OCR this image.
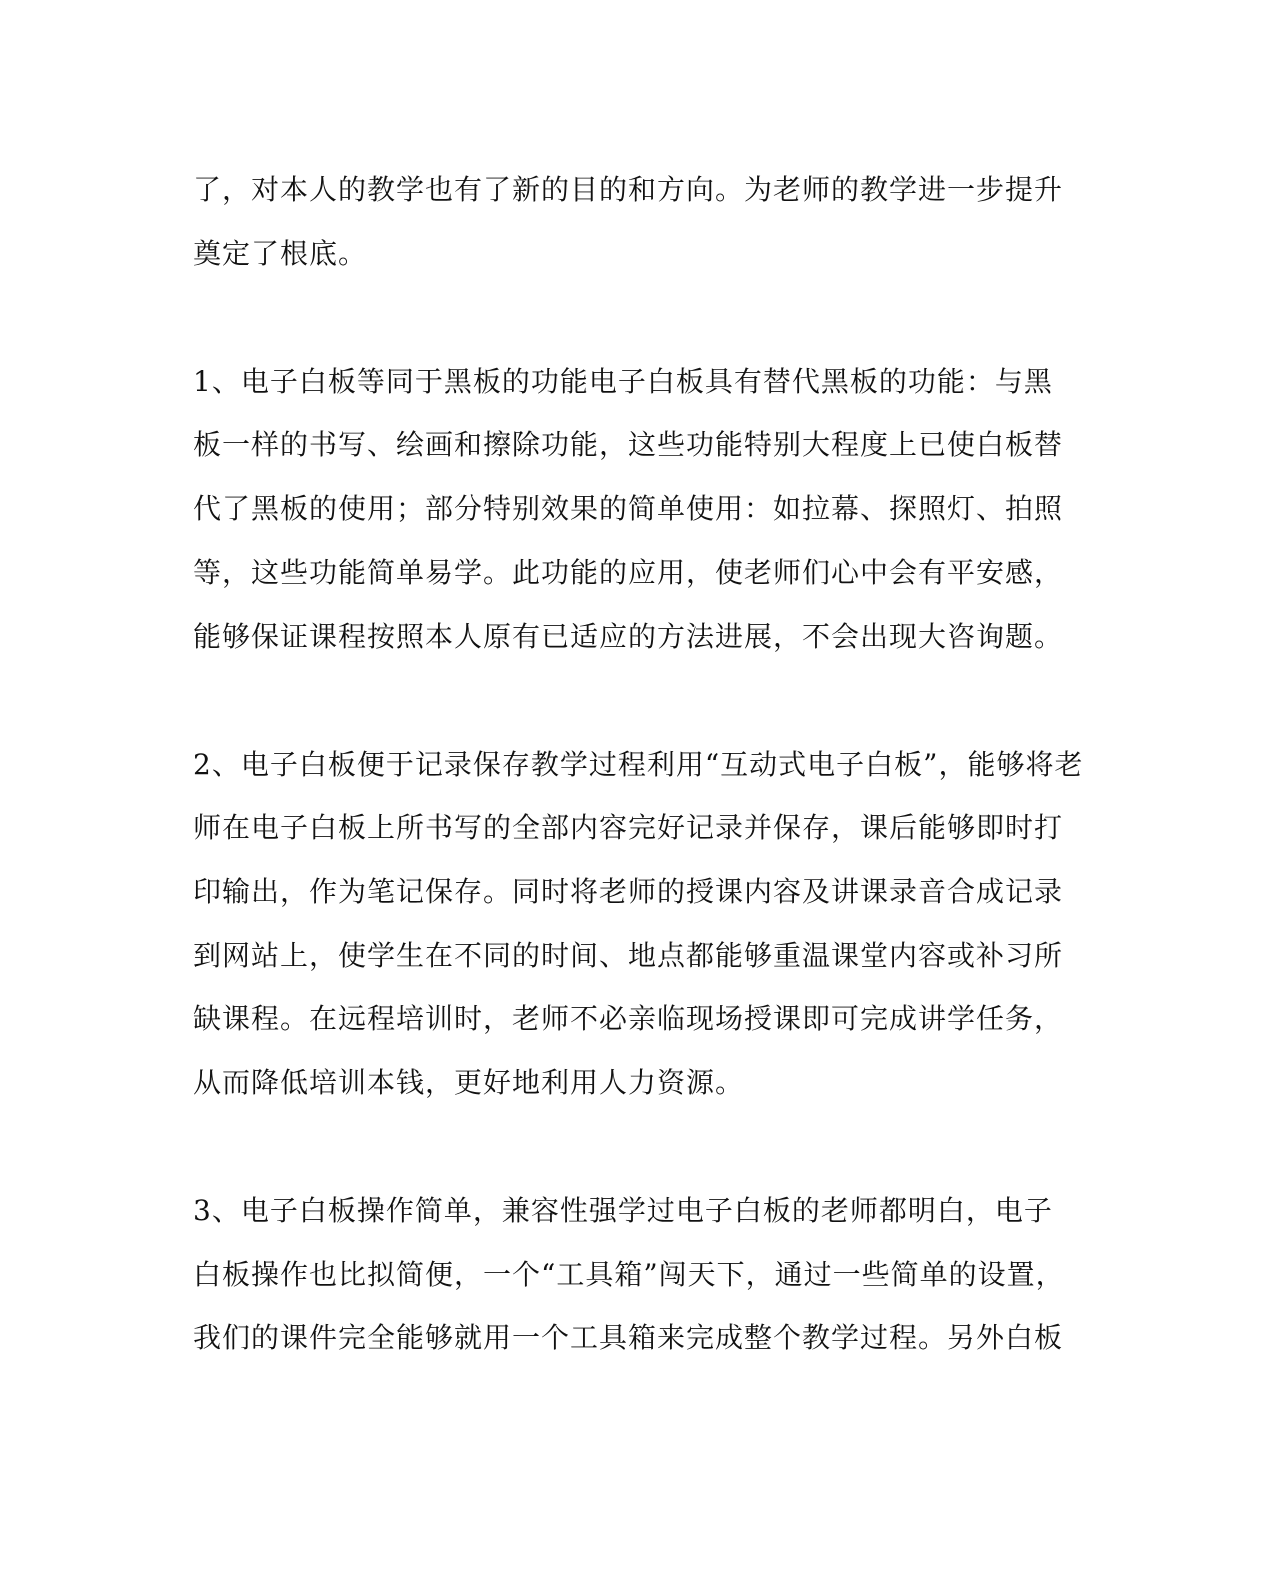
了，对本人的教学也有了新的目的和方向。为老师的教学进一步提升

奠定了根底。

1、电子白板等同于黑板的功能电子白板具有替代黑板的功能：与黑

板一样的书写、绘画和擦除功能，这些功能特别大程度上已使白板替

代了黑板的使用；部分特别效果的简单使用：如拉幕、探照灯、拍照

等，这些功能简单易学。此功能的应用，使老师们心中会有平安感，

能够保证课程按照本人原有已适应的方法进展，不会出现大咨询题。

2、电子白板便于记录保存教学过程利用“互动式电子白板”，能够将老

师在电子白板上所书写的全部内容完好记录并保存，课后能够即时打

印输出，作为笔记保存。同时将老师的授课内容及讲课录音合成记录

到网站上，使学生在不同的时间、地点都能够重温课堂内容或补习所

缺课程。在远程培训时，老师不必亲临现场授课即可完成讲学任务，

从而降低培训本钱，更好地利用人力资源。

3、电子白板操作简单，兼容性强学过电子白板的老师都明白，电子

白板操作也比拟简便，一个“工具箱”闯天下，通过一些简单的设置，

我们的课件完全能够就用一个工具箱来完成整个教学过程。另外白板
